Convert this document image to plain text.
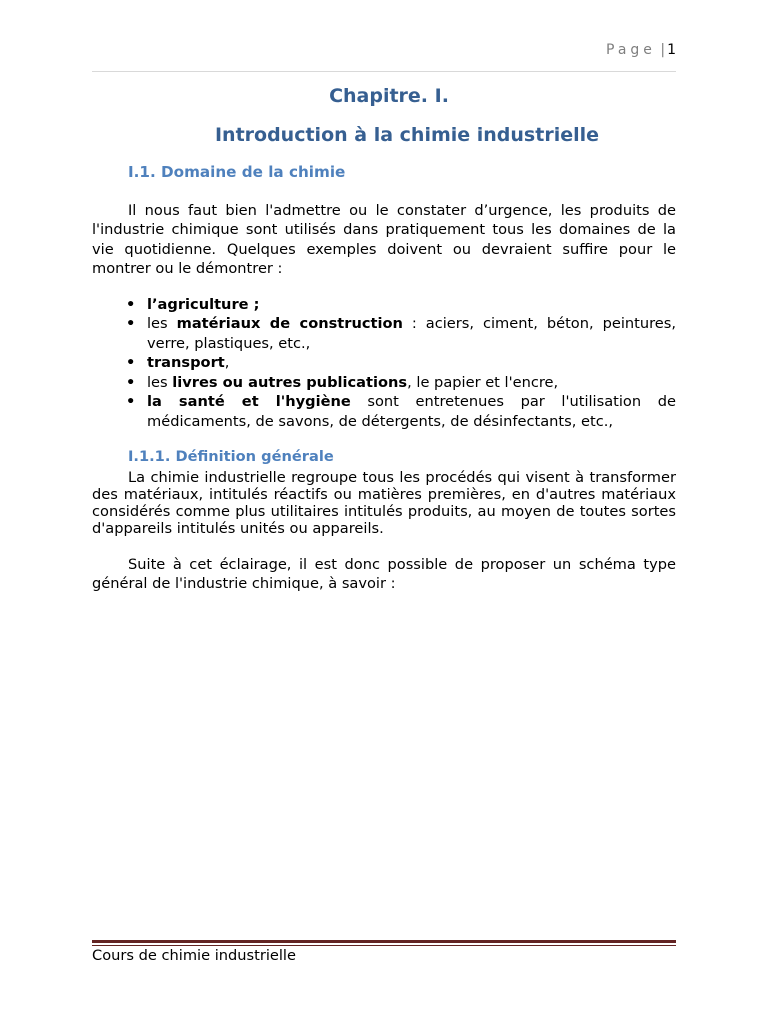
Page | 1
Chapitre. I.
Introduction à la chimie industrielle
I.1. Domaine de la chimie

Il nous faut bien l'admettre ou le constater d’urgence, les produits de l'industrie chimique sont utilisés dans pratiquement tous les domaines de la vie quotidienne. Quelques exemples doivent ou devraient suffire pour le montrer ou le démontrer :

• l’agriculture ;
• les matériaux de construction : aciers, ciment, béton, peintures, verre, plastiques, etc.,
• transport,
• les livres ou autres publications, le papier et l'encre,
• la santé et l'hygiène sont entretenues par l'utilisation de médicaments, de savons, de détergents, de désinfectants, etc.,
I.1.1. Définition générale

La chimie industrielle regroupe tous les procédés qui visent à transformer des matériaux, intitulés réactifs ou matières premières, en d'autres matériaux considérés comme plus utilitaires intitulés produits, au moyen de toutes sortes d'appareils intitulés unités ou appareils.

Suite à cet éclairage, il est donc possible de proposer un schéma type général de l'industrie chimique, à savoir :

Cours de chimie industrielle
